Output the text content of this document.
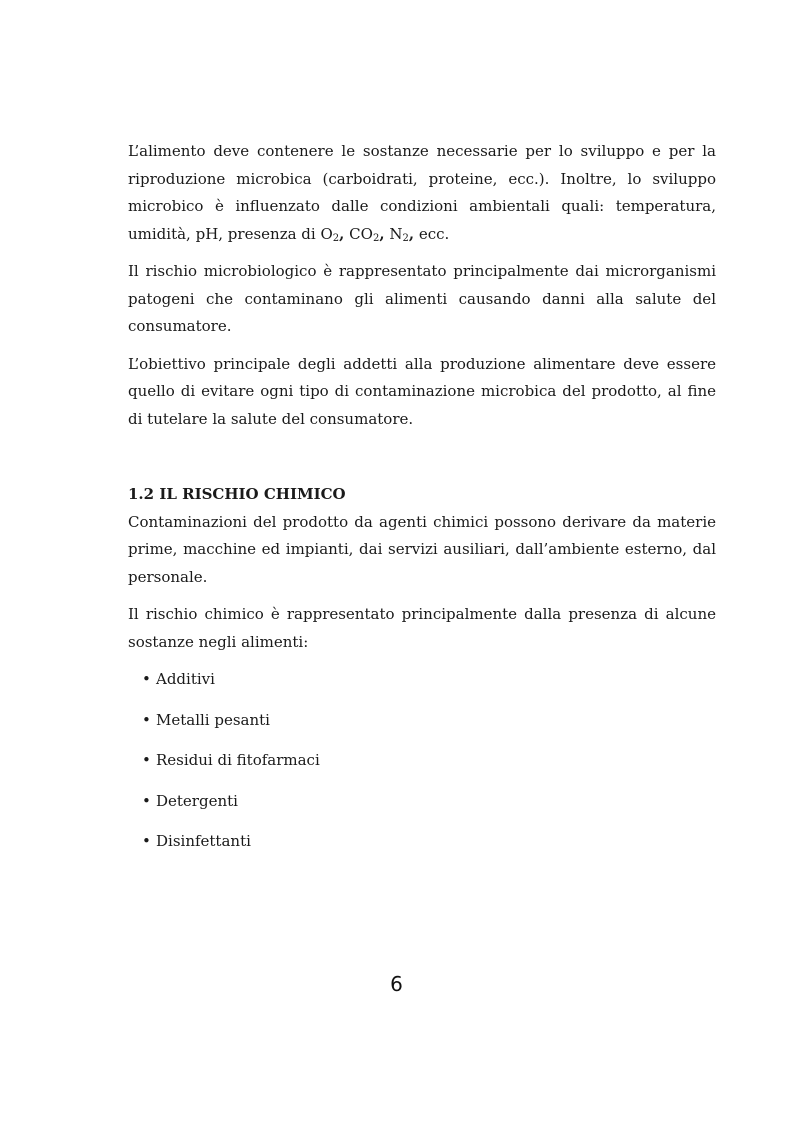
L’alimento deve contenere le sostanze necessarie per lo sviluppo e per la riproduzione microbica (carboidrati, proteine, ecc.). Inoltre, lo sviluppo microbico è influenzato dalle condizioni ambientali quali: temperatura, umidità, pH, presenza di $O_2$, $CO_2$, $N_2$, ecc.

Il rischio microbiologico è rappresentato principalmente dai microrganismi patogeni che contaminano gli alimenti causando danni alla salute del consumatore.

L’obiettivo principale degli addetti alla produzione alimentare deve essere quello di evitare ogni tipo di contaminazione microbica del prodotto, al fine di tutelare la salute del consumatore.

1.2 IL RISCHIO CHIMICO

Contaminazioni del prodotto da agenti chimici possono derivare da materie prime, macchine ed impianti, dai servizi ausiliari, dall’ambiente esterno, dal personale.

Il rischio chimico è rappresentato principalmente dalla presenza di alcune sostanze negli alimenti:

• Additivi
• Metalli pesanti
• Residui di fitofarmaci
• Detergenti
• Disinfettanti
6
